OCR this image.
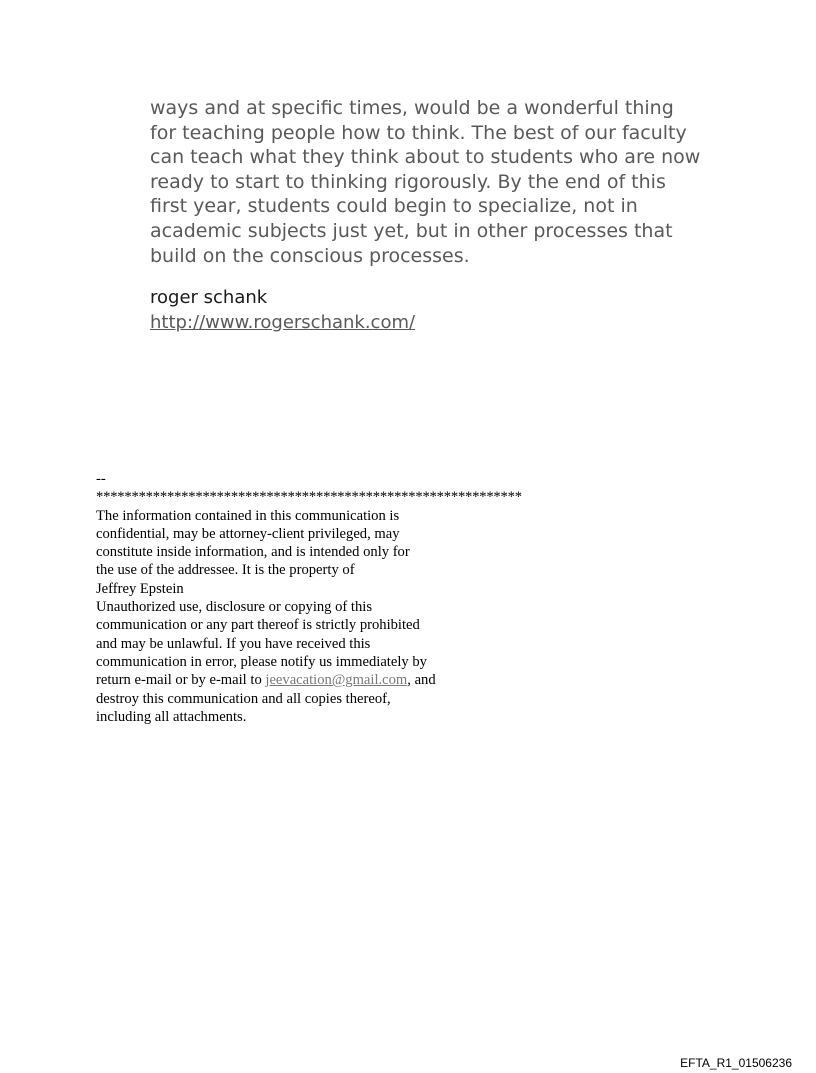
ways and at specific times, would be a wonderful thing
for teaching people how to think. The best of our faculty
can teach what they think about to students who are now
ready to start to thinking rigorously. By the end of this
first year, students could begin to specialize, not in
academic subjects just yet, but in other processes that
build on the conscious processes.
roger schank
http://www.rogerschank.com/
--
************************************************************
The information contained in this communication is
confidential, may be attorney-client privileged, may
constitute inside information, and is intended only for
the use of the addressee. It is the property of
Jeffrey Epstein
Unauthorized use, disclosure or copying of this
communication or any part thereof is strictly prohibited
and may be unlawful. If you have received this
communication in error, please notify us immediately by
return e-mail or by e-mail to jeevacation@gmail.com, and
destroy this communication and all copies thereof,
including all attachments.
EFTA_R1_01506236
